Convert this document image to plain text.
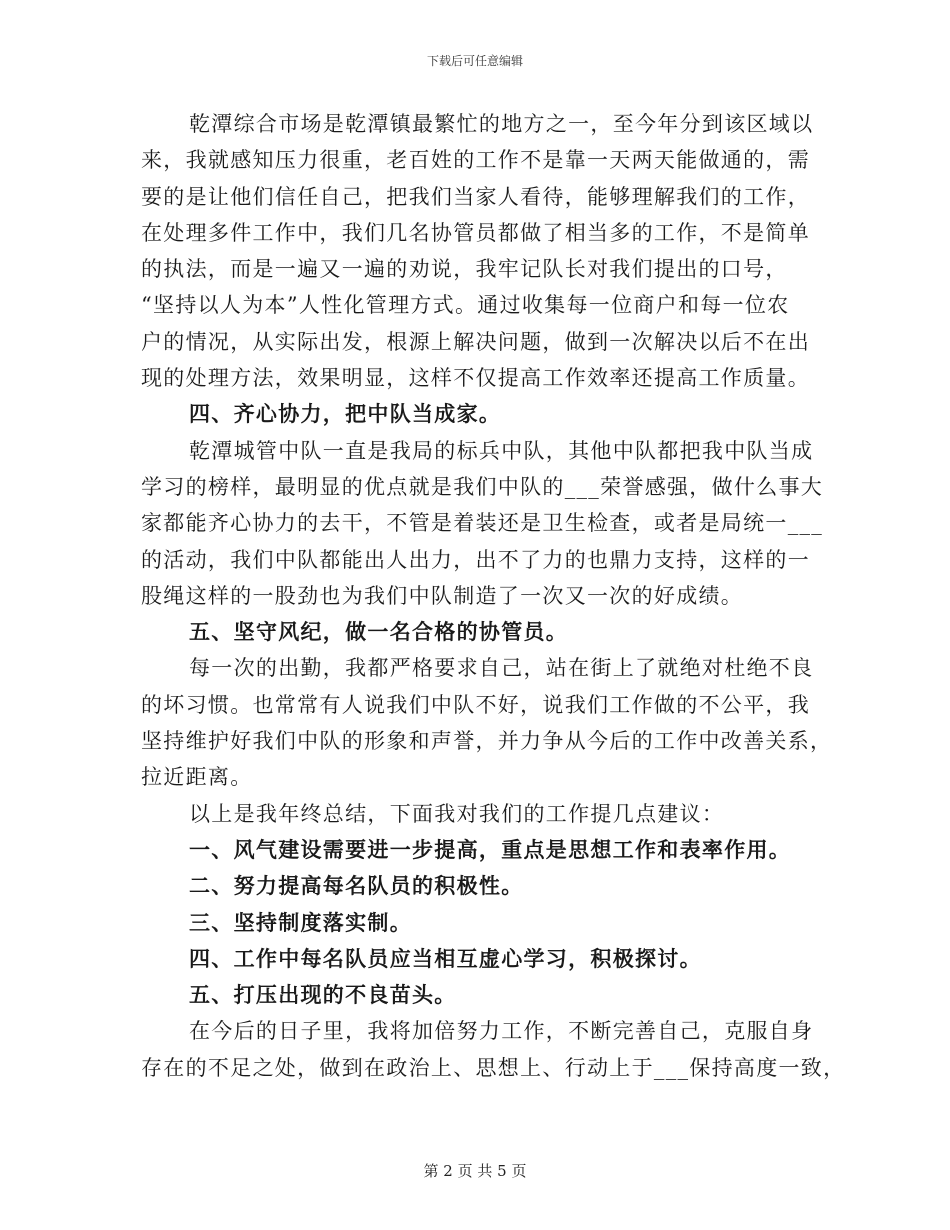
下载后可任意编辑
乾潭综合市场是乾潭镇最繁忙的地方之一，至今年分到该区域以
来，我就感知压力很重，老百姓的工作不是靠一天两天能做通的，需
要的是让他们信任自己，把我们当家人看待，能够理解我们的工作，
在处理多件工作中，我们几名协管员都做了相当多的工作，不是简单
的执法，而是一遍又一遍的劝说，我牢记队长对我们提出的口号，
“坚持以人为本”人性化管理方式。通过收集每一位商户和每一位农
户的情况，从实际出发，根源上解决问题，做到一次解决以后不在出
现的处理方法，效果明显，这样不仅提高工作效率还提高工作质量。
四、齐心协力，把中队当成家。
乾潭城管中队一直是我局的标兵中队，其他中队都把我中队当成
学习的榜样，最明显的优点就是我们中队的___荣誉感强，做什么事大
家都能齐心协力的去干，不管是着装还是卫生检查，或者是局统一___
的活动，我们中队都能出人出力，出不了力的也鼎力支持，这样的一
股绳这样的一股劲也为我们中队制造了一次又一次的好成绩。
五、坚守风纪，做一名合格的协管员。
每一次的出勤，我都严格要求自己，站在街上了就绝对杜绝不良
的坏习惯。也常常有人说我们中队不好，说我们工作做的不公平，我
坚持维护好我们中队的形象和声誉，并力争从今后的工作中改善关系，
拉近距离。
以上是我年终总结，下面我对我们的工作提几点建议：
一、风气建设需要进一步提高，重点是思想工作和表率作用。
二、努力提高每名队员的积极性。
三、坚持制度落实制。
四、工作中每名队员应当相互虚心学习，积极探讨。
五、打压出现的不良苗头。
在今后的日子里，我将加倍努力工作，不断完善自己，克服自身
存在的不足之处，做到在政治上、思想上、行动上于___保持高度一致，
第 2 页 共 5 页
